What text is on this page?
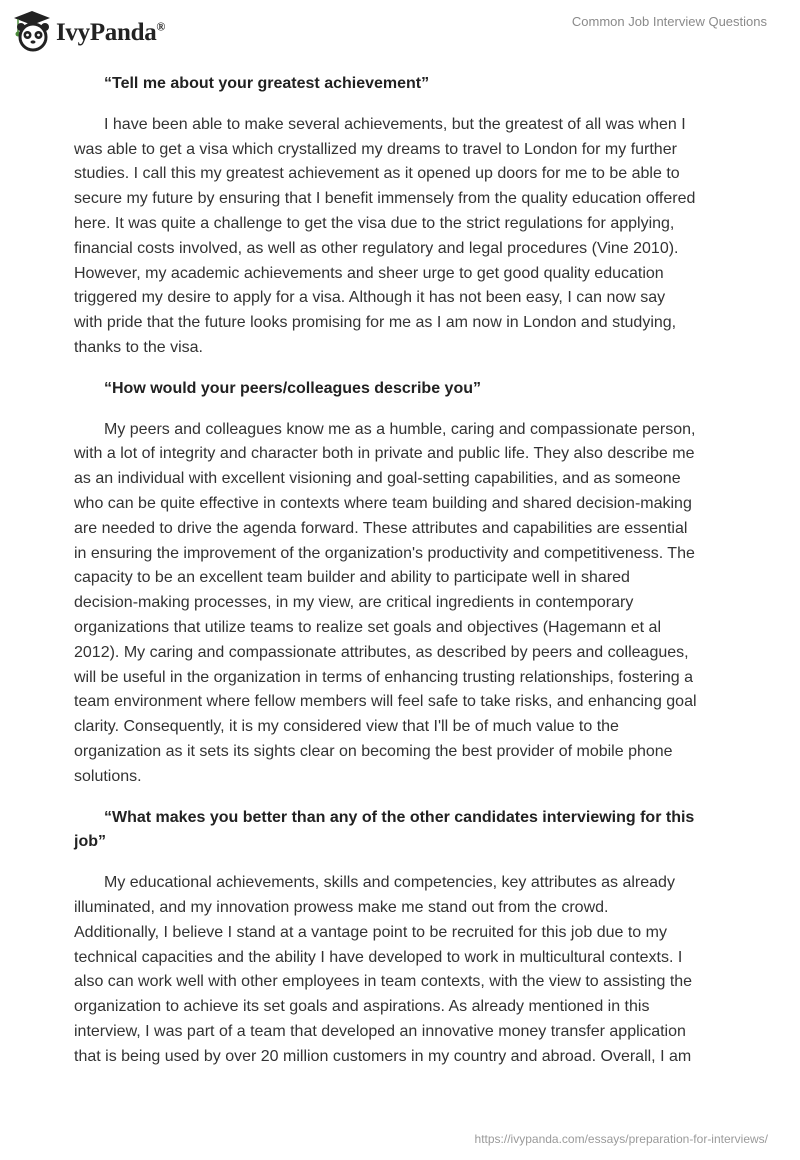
IvyPanda®	Common Job Interview Questions
“Tell me about your greatest achievement”
I have been able to make several achievements, but the greatest of all was when I
was able to get a visa which crystallized my dreams to travel to London for my further
studies. I call this my greatest achievement as it opened up doors for me to be able to
secure my future by ensuring that I benefit immensely from the quality education offered
here. It was quite a challenge to get the visa due to the strict regulations for applying,
financial costs involved, as well as other regulatory and legal procedures (Vine 2010).
However, my academic achievements and sheer urge to get good quality education
triggered my desire to apply for a visa. Although it has not been easy, I can now say
with pride that the future looks promising for me as I am now in London and studying,
thanks to the visa.
“How would your peers/colleagues describe you”
My peers and colleagues know me as a humble, caring and compassionate person,
with a lot of integrity and character both in private and public life. They also describe me
as an individual with excellent visioning and goal-setting capabilities, and as someone
who can be quite effective in contexts where team building and shared decision-making
are needed to drive the agenda forward. These attributes and capabilities are essential
in ensuring the improvement of the organization's productivity and competitiveness. The
capacity to be an excellent team builder and ability to participate well in shared
decision-making processes, in my view, are critical ingredients in contemporary
organizations that utilize teams to realize set goals and objectives (Hagemann et al
2012). My caring and compassionate attributes, as described by peers and colleagues,
will be useful in the organization in terms of enhancing trusting relationships, fostering a
team environment where fellow members will feel safe to take risks, and enhancing goal
clarity. Consequently, it is my considered view that I'll be of much value to the
organization as it sets its sights clear on becoming the best provider of mobile phone
solutions.
“What makes you better than any of the other candidates interviewing for this
job”
My educational achievements, skills and competencies, key attributes as already
illuminated, and my innovation prowess make me stand out from the crowd.
Additionally, I believe I stand at a vantage point to be recruited for this job due to my
technical capacities and the ability I have developed to work in multicultural contexts. I
also can work well with other employees in team contexts, with the view to assisting the
organization to achieve its set goals and aspirations. As already mentioned in this
interview, I was part of a team that developed an innovative money transfer application
that is being used by over 20 million customers in my country and abroad. Overall, I am
https://ivypanda.com/essays/preparation-for-interviews/
